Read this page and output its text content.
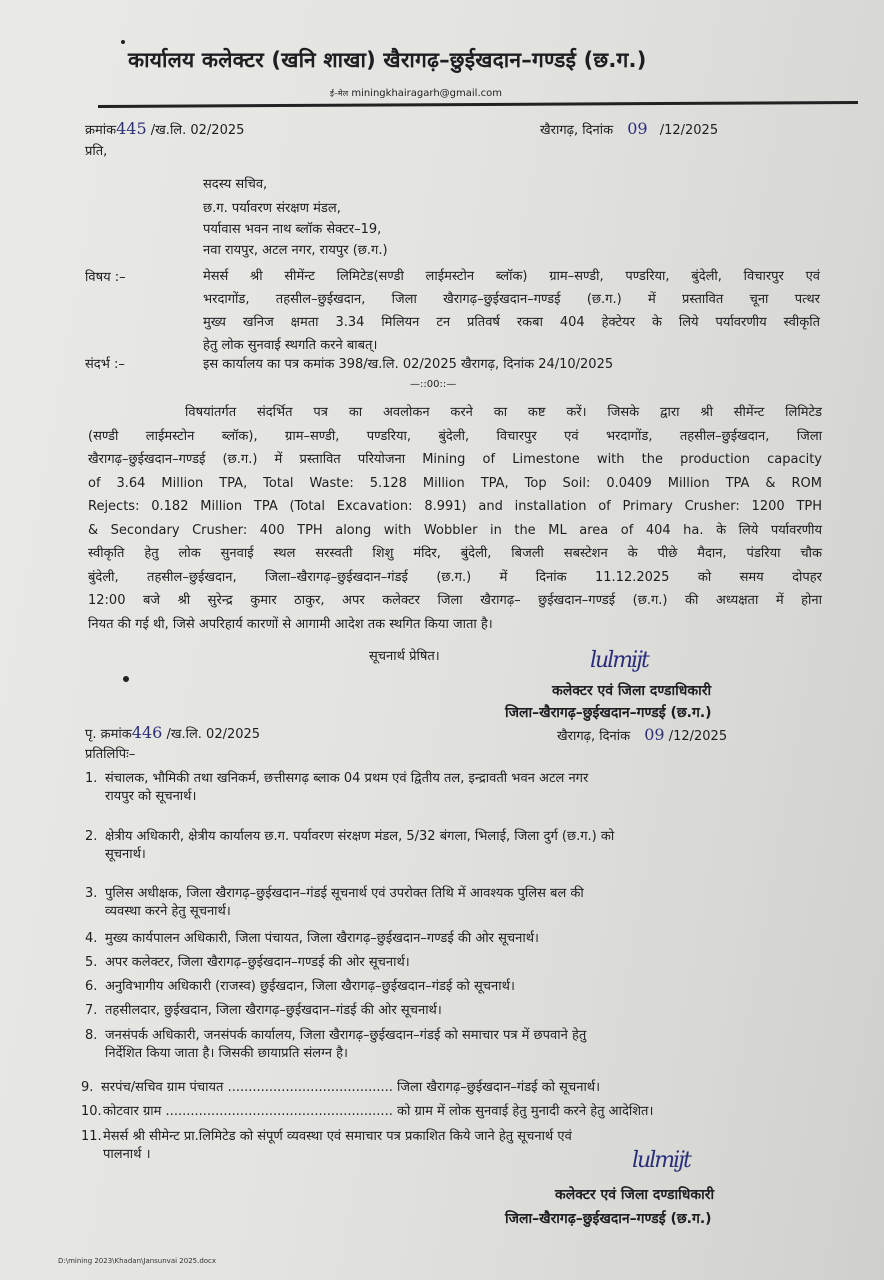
कार्यालय कलेक्टर (खनि शाखा) खैरागढ़–छुईखदान–गण्डई (छ.ग.)
ई–मेल miningkhairagarh@gmail.com
क्रमांक445 /ख.लि. 02/2025	खैरागढ़, दिनांक 09 /12/2025
प्रति,
सदस्य सचिव,
छ.ग. पर्यावरण संरक्षण मंडल,
पर्यावास भवन नाथ ब्लॉक सेक्टर–19,
नवा रायपुर, अटल नगर, रायपुर (छ.ग.)
विषय :–	मेसर्स श्री सीमेंन्ट लिमिटेड(सण्डी लाईमस्टोन ब्लॉक) ग्राम–सण्डी, पण्डरिया, बुंदेली, विचारपुर एवं
भरदागोंड, तहसील–छुईखदान, जिला खैरागढ़–छुईखदान–गण्डई (छ.ग.) में प्रस्तावित चूना पत्थर
मुख्य खनिज क्षमता 3.34 मिलियन टन प्रतिवर्ष रकबा 404 हेक्टेयर के लिये पर्यावरणीय स्वीकृति
हेतु लोक सुनवाई स्थगति करने बाबत्।
संदर्भ :–	इस कार्यालय का पत्र कमांक 398/ख.लि. 02/2025 खैरागढ़, दिनांक 24/10/2025
—::00::—
विषयांतर्गत संदर्भित पत्र का अवलोकन करने का कष्ट करें। जिसके द्वारा श्री सीमेंन्ट लिमिटेड
(सण्डी लाईमस्टोन ब्लॉक), ग्राम–सण्डी, पण्डरिया, बुंदेली, विचारपुर एवं भरदागोंड, तहसील–छुईखदान, जिला
खैरागढ़–छुईखदान–गण्डई (छ.ग.) में प्रस्तावित परियोजना Mining of Limestone with the production capacity
of 3.64 Million TPA, Total Waste: 5.128 Million TPA, Top Soil: 0.0409 Million TPA & ROM
Rejects: 0.182 Million TPA (Total Excavation: 8.991) and installation of Primary Crusher: 1200 TPH
& Secondary Crusher: 400 TPH along with Wobbler in the ML area of 404 ha. के लिये पर्यावरणीय
स्वीकृति हेतु लोक सुनवाई स्थल सरस्वती शिशु मंदिर, बुंदेली, बिजली सबस्टेशन के पीछे मैदान, पंडरिया चौक
बुंदेली, तहसील–छुईखदान, जिला–खैरागढ़–छुईखदान–गंडई (छ.ग.) में दिनांक 11.12.2025 को समय दोपहर
12:00 बजे श्री सुरेन्द्र कुमार ठाकुर, अपर कलेक्टर जिला खैरागढ़– छुईखदान–गण्डई (छ.ग.) की अध्यक्षता में होना
नियत की गई थी, जिसे अपरिहार्य कारणों से आगामी आदेश तक स्थगित किया जाता है।
सूचनार्थ प्रेषित।	lulmijt
कलेक्टर एवं जिला दण्डाधिकारी
जिला–खैरागढ़–छुईखदान–गण्डई (छ.ग.)
पृ. क्रमांक446 /ख.लि. 02/2025	खैरागढ़, दिनांक 09 /12/2025
प्रतिलिपिः–
1. संचालक, भौमिकी तथा खनिकर्म, छत्तीसगढ़ ब्लाक 04 प्रथम एवं द्वितीय तल, इन्द्रावती भवन अटल नगर
रायपुर को सूचनार्थ।
2. क्षेत्रीय अधिकारी, क्षेत्रीय कार्यालय छ.ग. पर्यावरण संरक्षण मंडल, 5/32 बंगला, भिलाई, जिला दुर्ग (छ.ग.) को
सूचनार्थ।
3. पुलिस अधीक्षक, जिला खैरागढ़–छुईखदान–गंडई सूचनार्थ एवं उपरोक्त तिथि में आवश्यक पुलिस बल की
व्यवस्था करने हेतु सूचनार्थ।
4. मुख्य कार्यपालन अधिकारी, जिला पंचायत, जिला खैरागढ़–छुईखदान–गण्डई की ओर सूचनार्थ।
5. अपर कलेक्टर, जिला खैरागढ़–छुईखदान–गण्डई की ओर सूचनार्थ।
6. अनुविभागीय अधिकारी (राजस्व) छुईखदान, जिला खैरागढ़–छुईखदान–गंडई को सूचनार्थ।
7. तहसीलदार, छुईखदान, जिला खैरागढ़–छुईखदान–गंडई की ओर सूचनार्थ।
8. जनसंपर्क अधिकारी, जनसंपर्क कार्यालय, जिला खैरागढ़–छुईखदान–गंडई को समाचार पत्र में छपवाने हेतु
निर्देशित किया जाता है। जिसकी छायाप्रति संलग्न है।
9. सरपंच/सचिव ग्राम पंचायत ........................................ जिला खैरागढ़–छुईखदान–गंडई को सूचनार्थ।
10.कोटवार ग्राम ....................................................... को ग्राम में लोक सुनवाई हेतु मुनादी करने हेतु आदेशित।
11.मेसर्स श्री सीमेन्ट प्रा.लिमिटेड को संपूर्ण व्यवस्था एवं समाचार पत्र प्रकाशित किये जाने हेतु सूचनार्थ एवं
पालनार्थ ।	lulmijt
कलेक्टर एवं जिला दण्डाधिकारी
जिला–खैरागढ़–छुईखदान–गण्डई (छ.ग.)
D:\mining 2023\Khadan\Jansunvai 2025.docx
